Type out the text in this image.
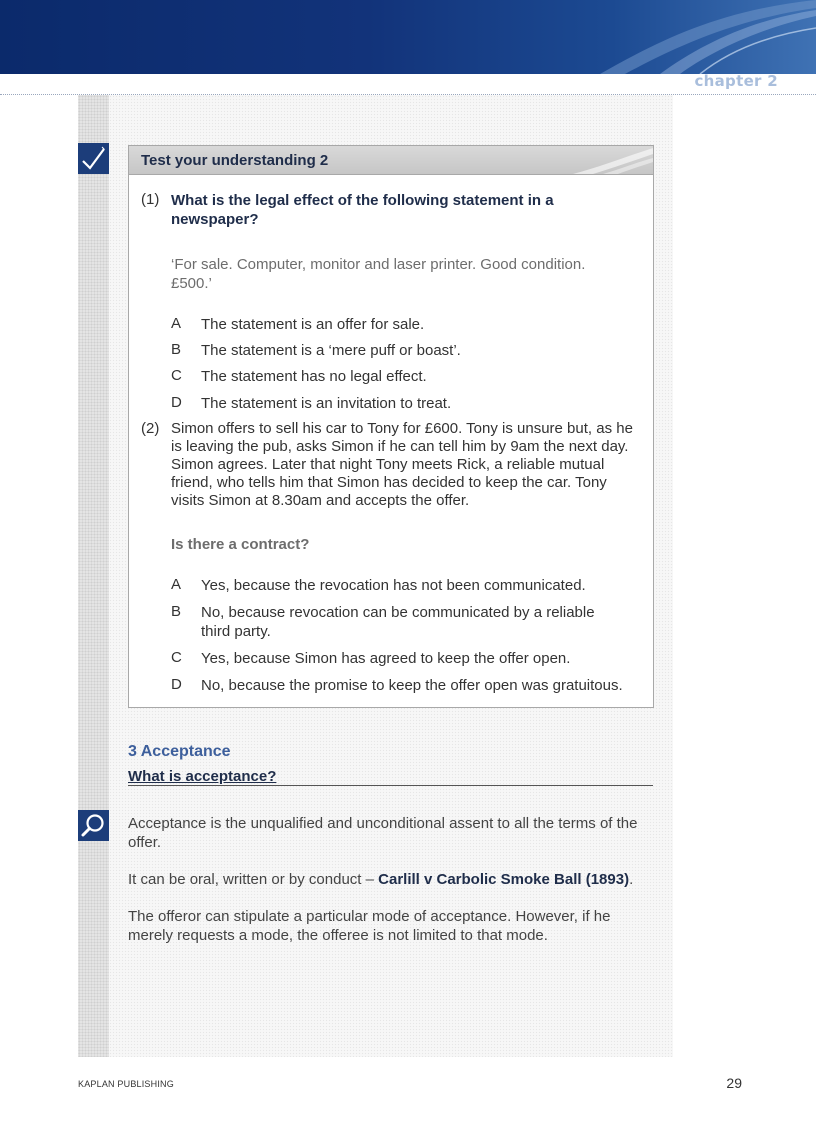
chapter 2
Test your understanding 2
(1) What is the legal effect of the following statement in a newspaper?
‘For sale. Computer, monitor and laser printer. Good condition. £500.’
A The statement is an offer for sale.
B The statement is a ‘mere puff or boast’.
C The statement has no legal effect.
D The statement is an invitation to treat.
(2) Simon offers to sell his car to Tony for £600. Tony is unsure but, as he is leaving the pub, asks Simon if he can tell him by 9am the next day. Simon agrees. Later that night Tony meets Rick, a reliable mutual friend, who tells him that Simon has decided to keep the car. Tony visits Simon at 8.30am and accepts the offer.
Is there a contract?
A Yes, because the revocation has not been communicated.
B No, because revocation can be communicated by a reliable third party.
C Yes, because Simon has agreed to keep the offer open.
D No, because the promise to keep the offer open was gratuitous.
3 Acceptance
What is acceptance?
Acceptance is the unqualified and unconditional assent to all the terms of the offer.
It can be oral, written or by conduct – Carlill v Carbolic Smoke Ball (1893).
The offeror can stipulate a particular mode of acceptance. However, if he merely requests a mode, the offeree is not limited to that mode.
KAPLAN PUBLISHING	29
